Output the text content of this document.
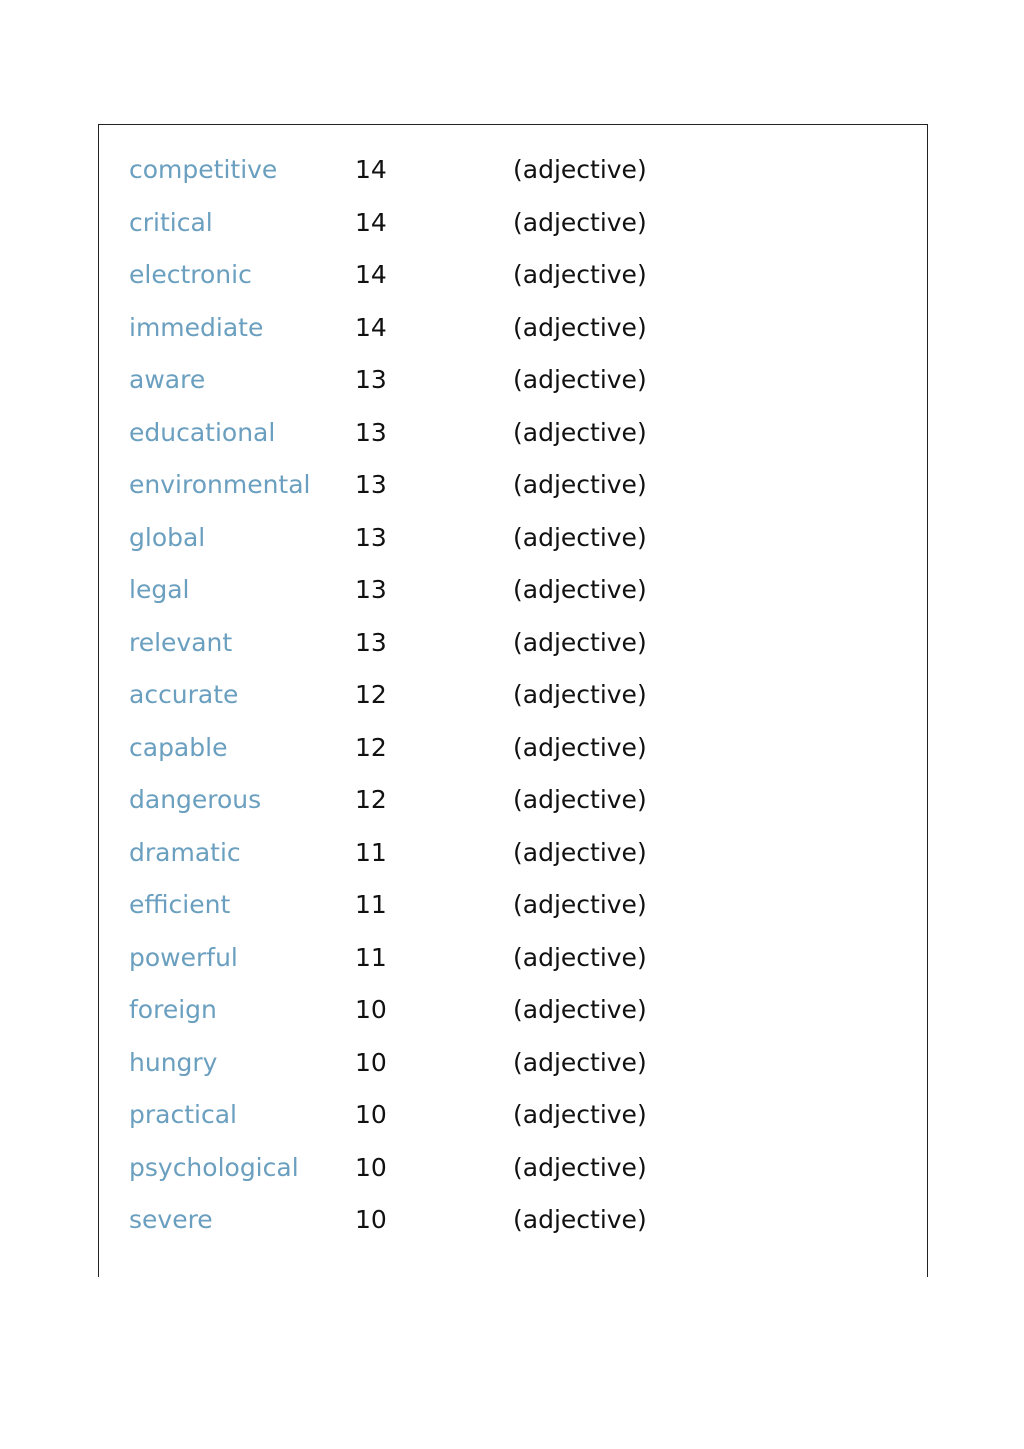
competitive	14	(adjective)
critical	14	(adjective)
electronic	14	(adjective)
immediate	14	(adjective)
aware	13	(adjective)
educational	13	(adjective)
environmental 13	(adjective)
global	13	(adjective)
legal	13	(adjective)
relevant	13	(adjective)
accurate	12	(adjective)
capable	12	(adjective)
dangerous	12	(adjective)
dramatic	11	(adjective)
efficient	11	(adjective)
powerful	11	(adjective)
foreign	10	(adjective)
hungry	10	(adjective)
practical	10	(adjective)
psychological 10	(adjective)
severe	10	(adjective)
